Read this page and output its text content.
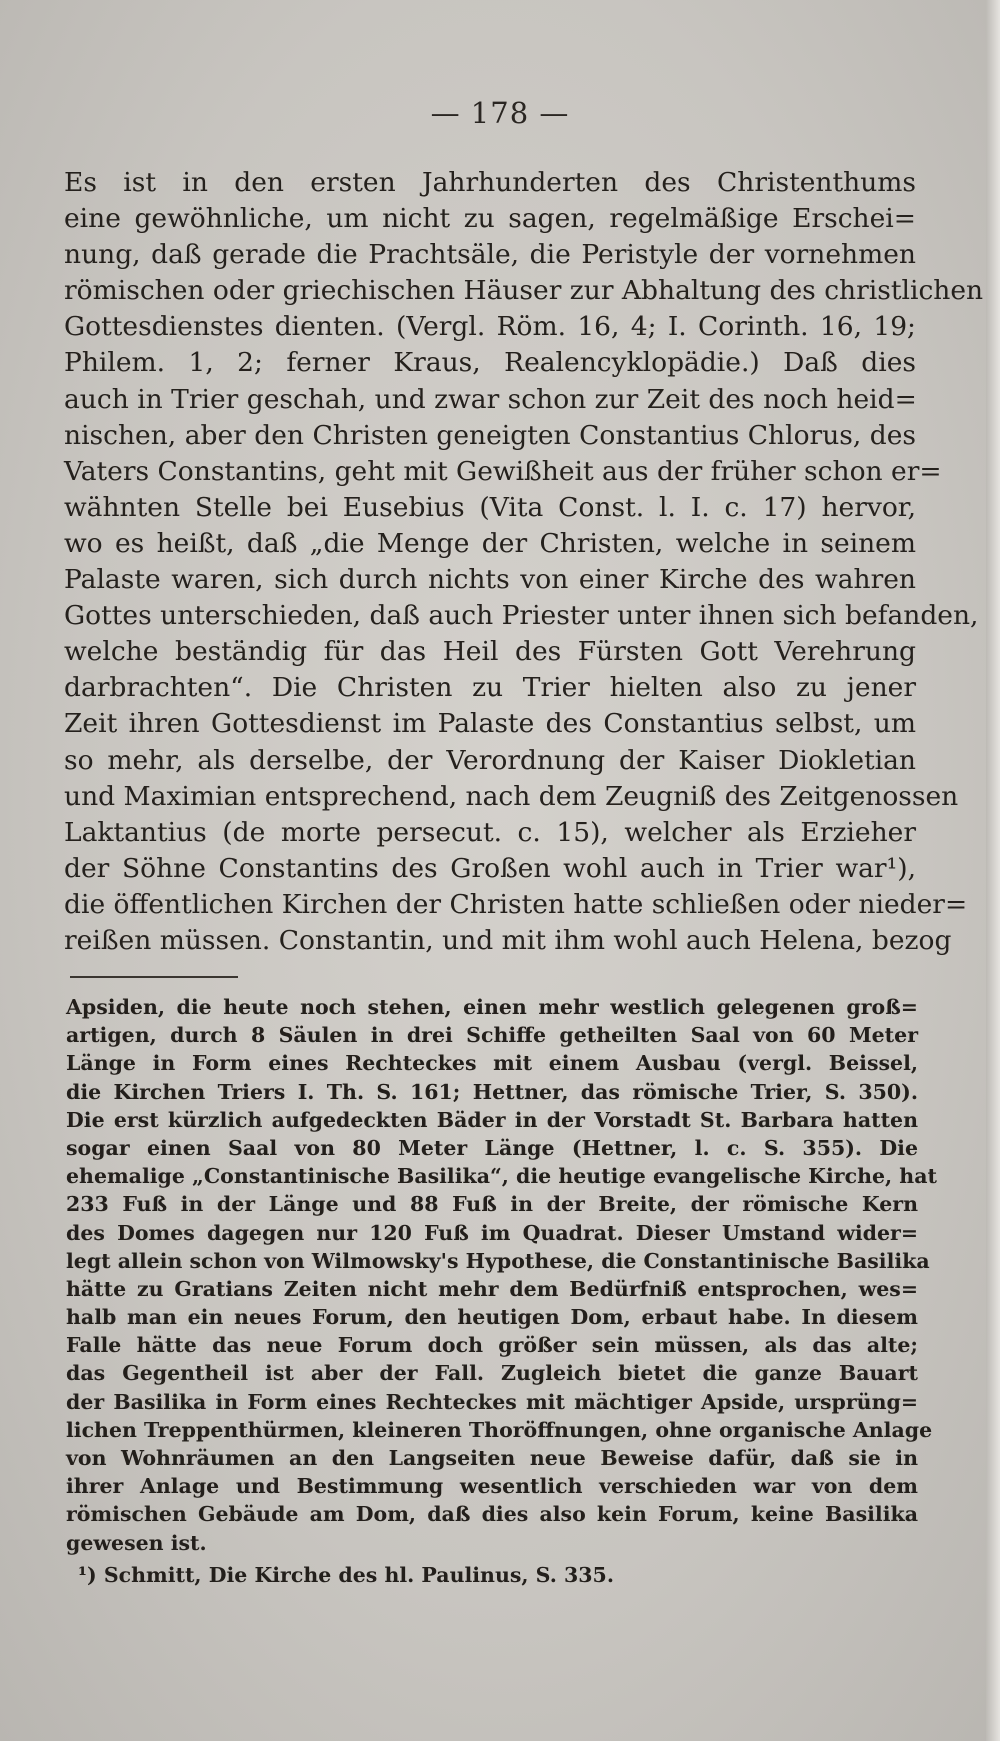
— 178 —
Es ist in den ersten Jahrhunderten des Christenthums
eine gewöhnliche, um nicht zu sagen, regelmäßige Erschei=
nung, daß gerade die Prachtsäle, die Peristyle der vornehmen
römischen oder griechischen Häuser zur Abhaltung des christlichen
Gottesdienstes dienten. (Vergl. Röm. 16, 4; I. Corinth. 16, 19;
Philem. 1, 2; ferner Kraus, Realencyklopädie.) Daß dies
auch in Trier geschah, und zwar schon zur Zeit des noch heid=
nischen, aber den Christen geneigten Constantius Chlorus, des
Vaters Constantins, geht mit Gewißheit aus der früher schon er=
wähnten Stelle bei Eusebius (Vita Const. l. I. c. 17) hervor,
wo es heißt, daß „die Menge der Christen, welche in seinem
Palaste waren, sich durch nichts von einer Kirche des wahren
Gottes unterschieden, daß auch Priester unter ihnen sich befanden,
welche beständig für das Heil des Fürsten Gott Verehrung
darbrachten“. Die Christen zu Trier hielten also zu jener
Zeit ihren Gottesdienst im Palaste des Constantius selbst, um
so mehr, als derselbe, der Verordnung der Kaiser Diokletian
und Maximian entsprechend, nach dem Zeugniß des Zeitgenossen
Laktantius (de morte persecut. c. 15), welcher als Erzieher
der Söhne Constantins des Großen wohl auch in Trier war¹),
die öffentlichen Kirchen der Christen hatte schließen oder nieder=
reißen müssen. Constantin, und mit ihm wohl auch Helena, bezog
Apsiden, die heute noch stehen, einen mehr westlich gelegenen groß=
artigen, durch 8 Säulen in drei Schiffe getheilten Saal von 60 Meter
Länge in Form eines Rechteckes mit einem Ausbau (vergl. Beissel,
die Kirchen Triers I. Th. S. 161; Hettner, das römische Trier, S. 350).
Die erst kürzlich aufgedeckten Bäder in der Vorstadt St. Barbara hatten
sogar einen Saal von 80 Meter Länge (Hettner, l. c. S. 355). Die
ehemalige „Constantinische Basilika“, die heutige evangelische Kirche, hat
233 Fuß in der Länge und 88 Fuß in der Breite, der römische Kern
des Domes dagegen nur 120 Fuß im Quadrat. Dieser Umstand wider=
legt allein schon von Wilmowsky's Hypothese, die Constantinische Basilika
hätte zu Gratians Zeiten nicht mehr dem Bedürfniß entsprochen, wes=
halb man ein neues Forum, den heutigen Dom, erbaut habe. In diesem
Falle hätte das neue Forum doch größer sein müssen, als das alte;
das Gegentheil ist aber der Fall. Zugleich bietet die ganze Bauart
der Basilika in Form eines Rechteckes mit mächtiger Apside, ursprüng=
lichen Treppenthürmen, kleineren Thoröffnungen, ohne organische Anlage
von Wohnräumen an den Langseiten neue Beweise dafür, daß sie in
ihrer Anlage und Bestimmung wesentlich verschieden war von dem
römischen Gebäude am Dom, daß dies also kein Forum, keine Basilika
gewesen ist.
¹) Schmitt, Die Kirche des hl. Paulinus, S. 335.
